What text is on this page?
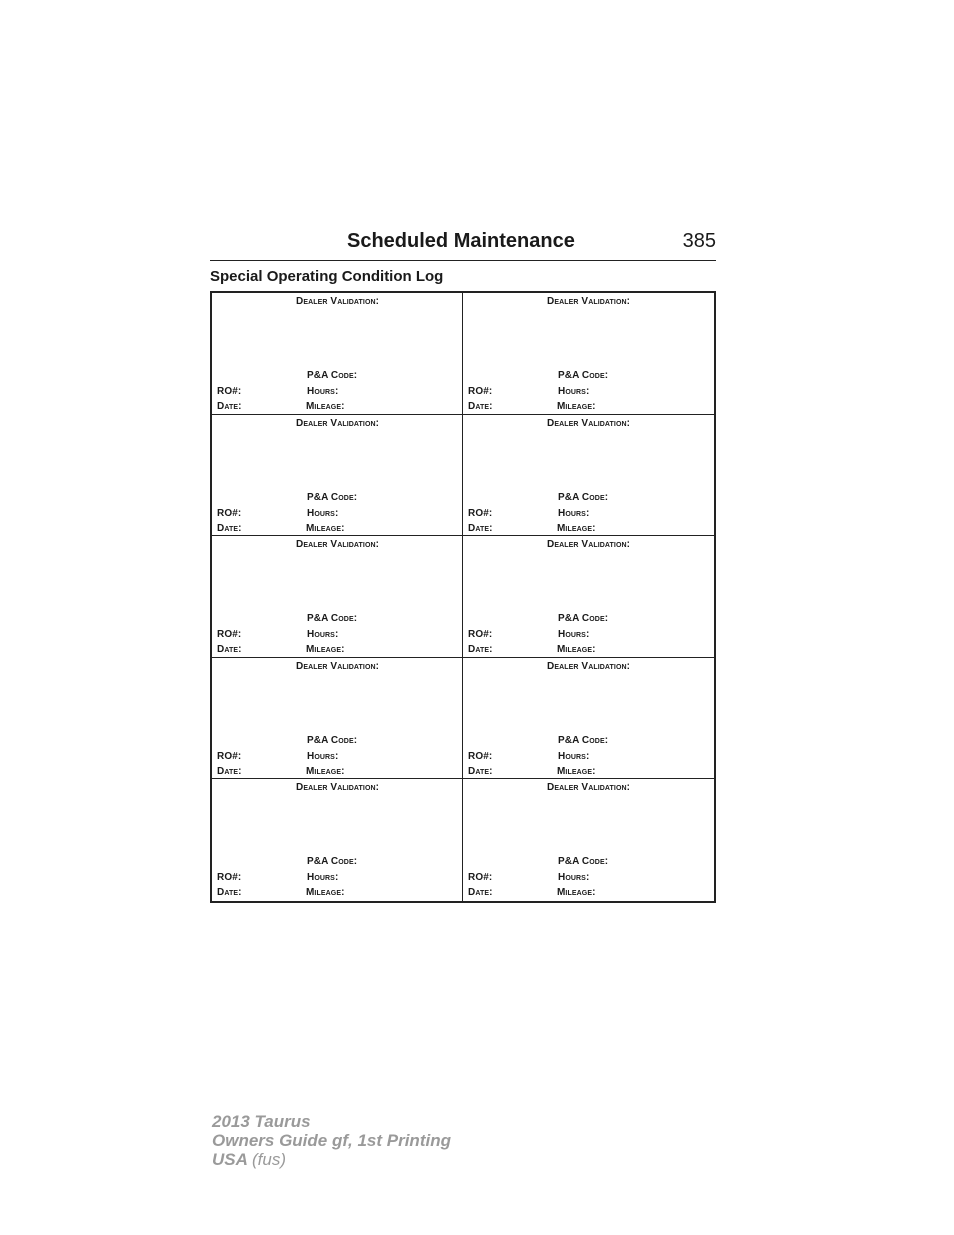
Scheduled Maintenance	385
Special Operating Condition Log
Dealer Validation:
P&A Code:
RO#:	Hours:
Date:	Mileage:
Dealer Validation:
P&A Code:
RO#:	Hours:
Date:	Mileage:
Dealer Validation:
P&A Code:
RO#:	Hours:
Date:	Mileage:
Dealer Validation:
P&A Code:
RO#:	Hours:
Date:	Mileage:
Dealer Validation:
P&A Code:
RO#:	Hours:
Date:	Mileage:
Dealer Validation:
P&A Code:
RO#:	Hours:
Date:	Mileage:
Dealer Validation:
P&A Code:
RO#:	Hours:
Date:	Mileage:
Dealer Validation:
P&A Code:
RO#:	Hours:
Date:	Mileage:
Dealer Validation:
P&A Code:
RO#:	Hours:
Date:	Mileage:
Dealer Validation:
P&A Code:
RO#:	Hours:
Date:	Mileage:
2013 Taurus
Owners Guide gf, 1st Printing
USA (fus)
